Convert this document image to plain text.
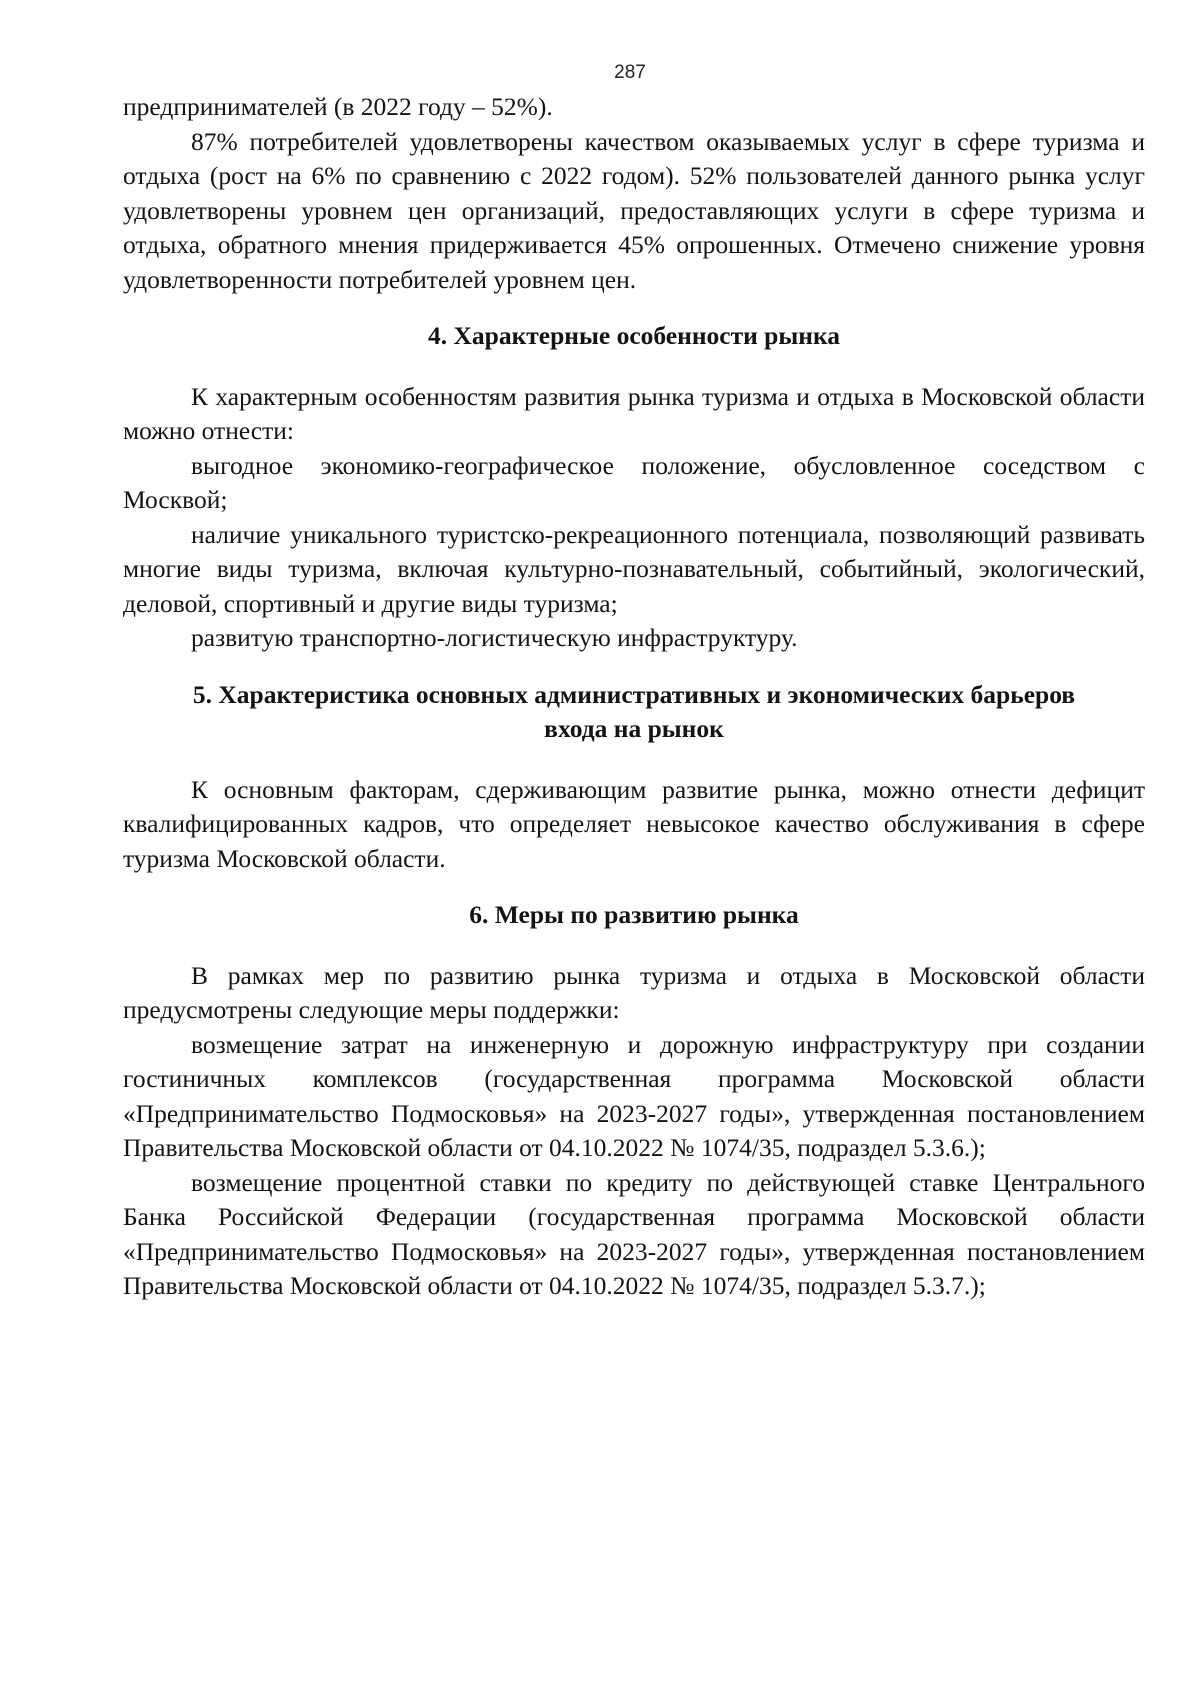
287

предпринимателей (в 2022 году – 52%).

87% потребителей удовлетворены качеством оказываемых услуг в сфере туризма и отдыха (рост на 6% по сравнению с 2022 годом). 52% пользователей данного рынка услуг удовлетворены уровнем цен организаций, предоставляющих услуги в сфере туризма и отдыха, обратного мнения придерживается 45% опрошенных. Отмечено снижение уровня удовлетворенности потребителей уровнем цен.

4. Характерные особенности рынка

К характерным особенностям развития рынка туризма и отдыха в Московской области можно отнести:

выгодное экономико-географическое положение, обусловленное соседством с Москвой;

наличие уникального туристско-рекреационного потенциала, позволяющий развивать многие виды туризма, включая культурно-познавательный, событийный, экологический, деловой, спортивный и другие виды туризма;

развитую транспортно-логистическую инфраструктуру.

5. Характеристика основных административных и экономических барьеров
входа на рынок

К основным факторам, сдерживающим развитие рынка, можно отнести дефицит квалифицированных кадров, что определяет невысокое качество обслуживания в сфере туризма Московской области.

6. Меры по развитию рынка

В рамках мер по развитию рынка туризма и отдыха в Московской области предусмотрены следующие меры поддержки:

возмещение затрат на инженерную и дорожную инфраструктуру при создании гостиничных комплексов (государственная программа Московской области «Предпринимательство Подмосковья» на 2023-2027 годы», утвержденная постановлением Правительства Московской области от 04.10.2022 № 1074/35, подраздел 5.3.6.);

возмещение процентной ставки по кредиту по действующей ставке Центрального Банка Российской Федерации (государственная программа Московской области «Предпринимательство Подмосковья» на 2023-2027 годы», утвержденная постановлением Правительства Московской области от 04.10.2022 № 1074/35, подраздел 5.3.7.);
